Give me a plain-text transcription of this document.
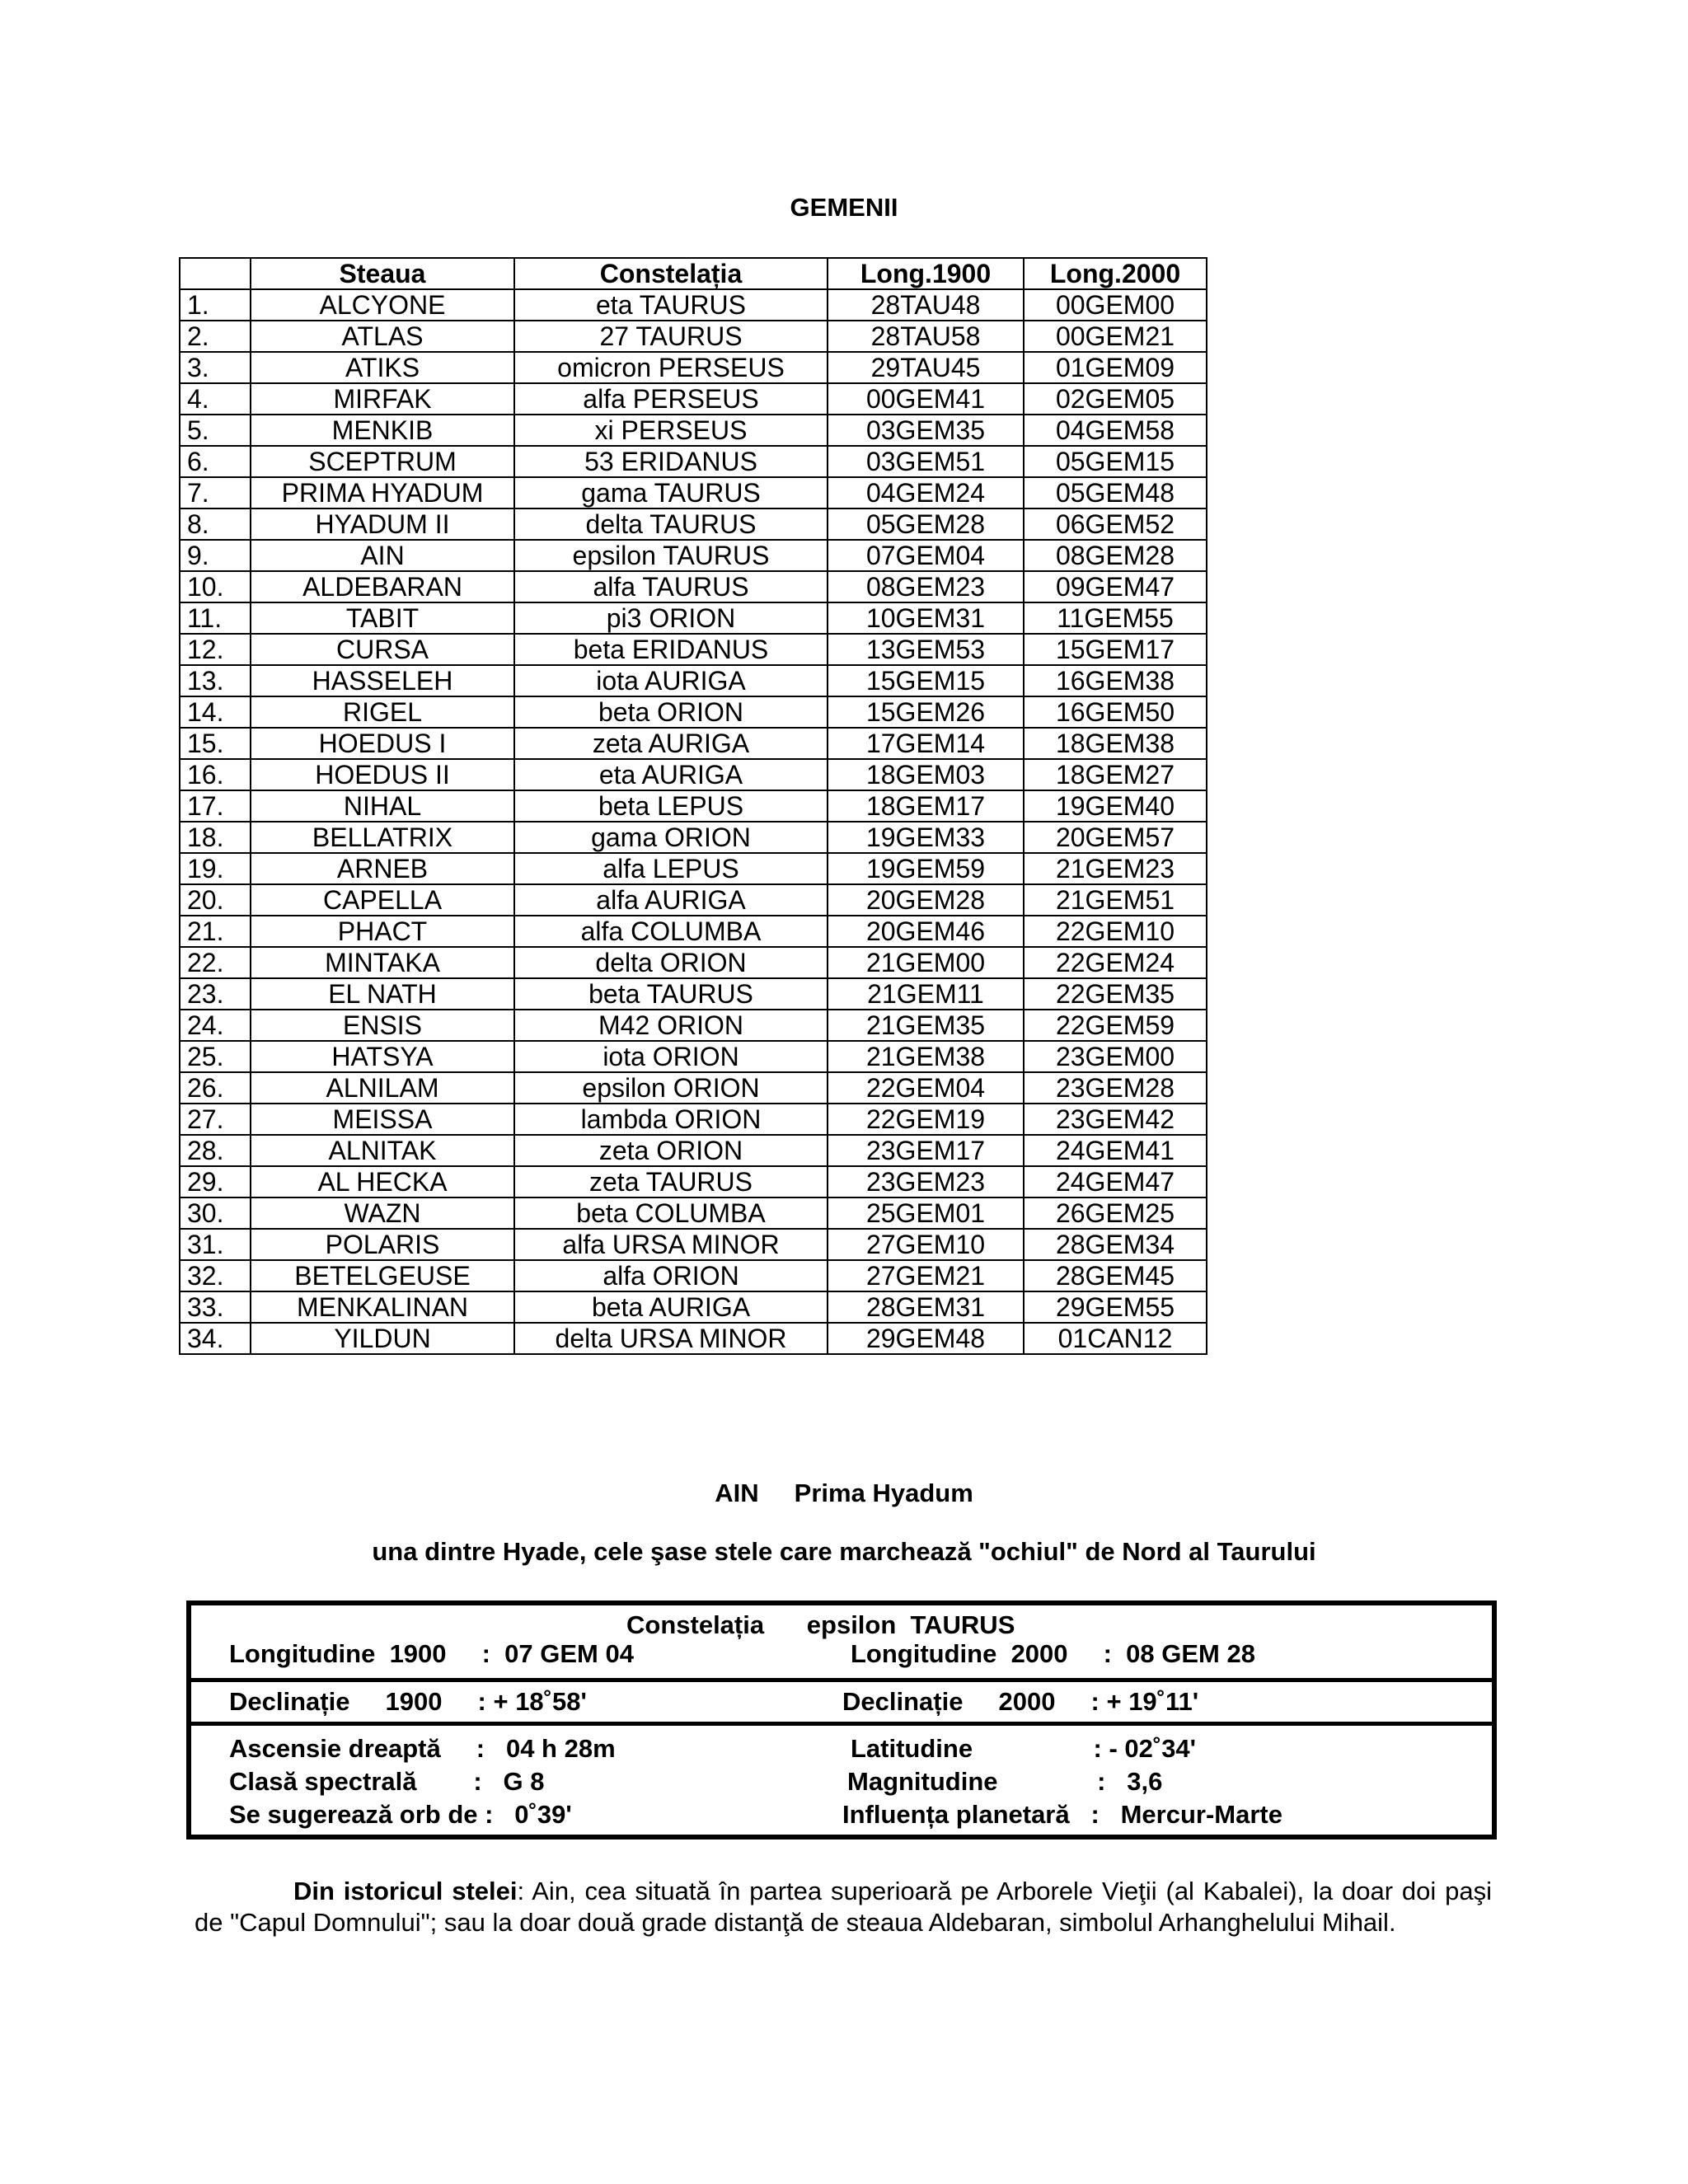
GEMENII
	Steaua	Constelația	Long.1900	Long.2000
1.	ALCYONE	eta TAURUS	28TAU48	00GEM00
2.	ATLAS	27 TAURUS	28TAU58	00GEM21
3.	ATIKS	omicron PERSEUS	29TAU45	01GEM09
4.	MIRFAK	alfa PERSEUS	00GEM41	02GEM05
5.	MENKIB	xi PERSEUS	03GEM35	04GEM58
6.	SCEPTRUM	53 ERIDANUS	03GEM51	05GEM15
7.	PRIMA HYADUM	gama TAURUS	04GEM24	05GEM48
8.	HYADUM II	delta TAURUS	05GEM28	06GEM52
9.	AIN	epsilon TAURUS	07GEM04	08GEM28
10.	ALDEBARAN	alfa TAURUS	08GEM23	09GEM47
11.	TABIT	pi3 ORION	10GEM31	11GEM55
12.	CURSA	beta ERIDANUS	13GEM53	15GEM17
13.	HASSELEH	iota AURIGA	15GEM15	16GEM38
14.	RIGEL	beta ORION	15GEM26	16GEM50
15.	HOEDUS I	zeta AURIGA	17GEM14	18GEM38
16.	HOEDUS II	eta AURIGA	18GEM03	18GEM27
17.	NIHAL	beta LEPUS	18GEM17	19GEM40
18.	BELLATRIX	gama ORION	19GEM33	20GEM57
19.	ARNEB	alfa LEPUS	19GEM59	21GEM23
20.	CAPELLA	alfa AURIGA	20GEM28	21GEM51
21.	PHACT	alfa COLUMBA	20GEM46	22GEM10
22.	MINTAKA	delta ORION	21GEM00	22GEM24
23.	EL NATH	beta TAURUS	21GEM11	22GEM35
24.	ENSIS	M42 ORION	21GEM35	22GEM59
25.	HATSYA	iota ORION	21GEM38	23GEM00
26.	ALNILAM	epsilon ORION	22GEM04	23GEM28
27.	MEISSA	lambda ORION	22GEM19	23GEM42
28.	ALNITAK	zeta ORION	23GEM17	24GEM41
29.	AL HECKA	zeta TAURUS	23GEM23	24GEM47
30.	WAZN	beta COLUMBA	25GEM01	26GEM25
31.	POLARIS	alfa URSA MINOR	27GEM10	28GEM34
32.	BETELGEUSE	alfa ORION	27GEM21	28GEM45
33.	MENKALINAN	beta AURIGA	28GEM31	29GEM55
34.	YILDUN	delta URSA MINOR	29GEM48	01CAN12
AIN     Prima Hyadum
una dintre Hyade, cele şase stele care marchează "ochiul" de Nord al Taurului
Constelația      epsilon  TAURUS
Longitudine  1900     :  07 GEM 04	Longitudine  2000     :  08 GEM 28
Declinație     1900     : + 18˚58ʹ	Declinație     2000     : + 19˚11ʹ
Ascensie dreaptă     :   04 h 28m	Latitudine                 : - 02˚34ʹ
Clasă spectrală        :   G 8	Magnitudine              :   3,6
Se sugerează orb de :   0˚39ʹ	Influența planetară   :   Mercur-Marte
Din istoricul stelei: Ain, cea situată în partea superioară pe Arborele Vieţii (al Kabalei), la doar doi paşi de "Capul Domnului"; sau la doar două grade distanţă de steaua Aldebaran, simbolul Arhanghelului Mihail.
